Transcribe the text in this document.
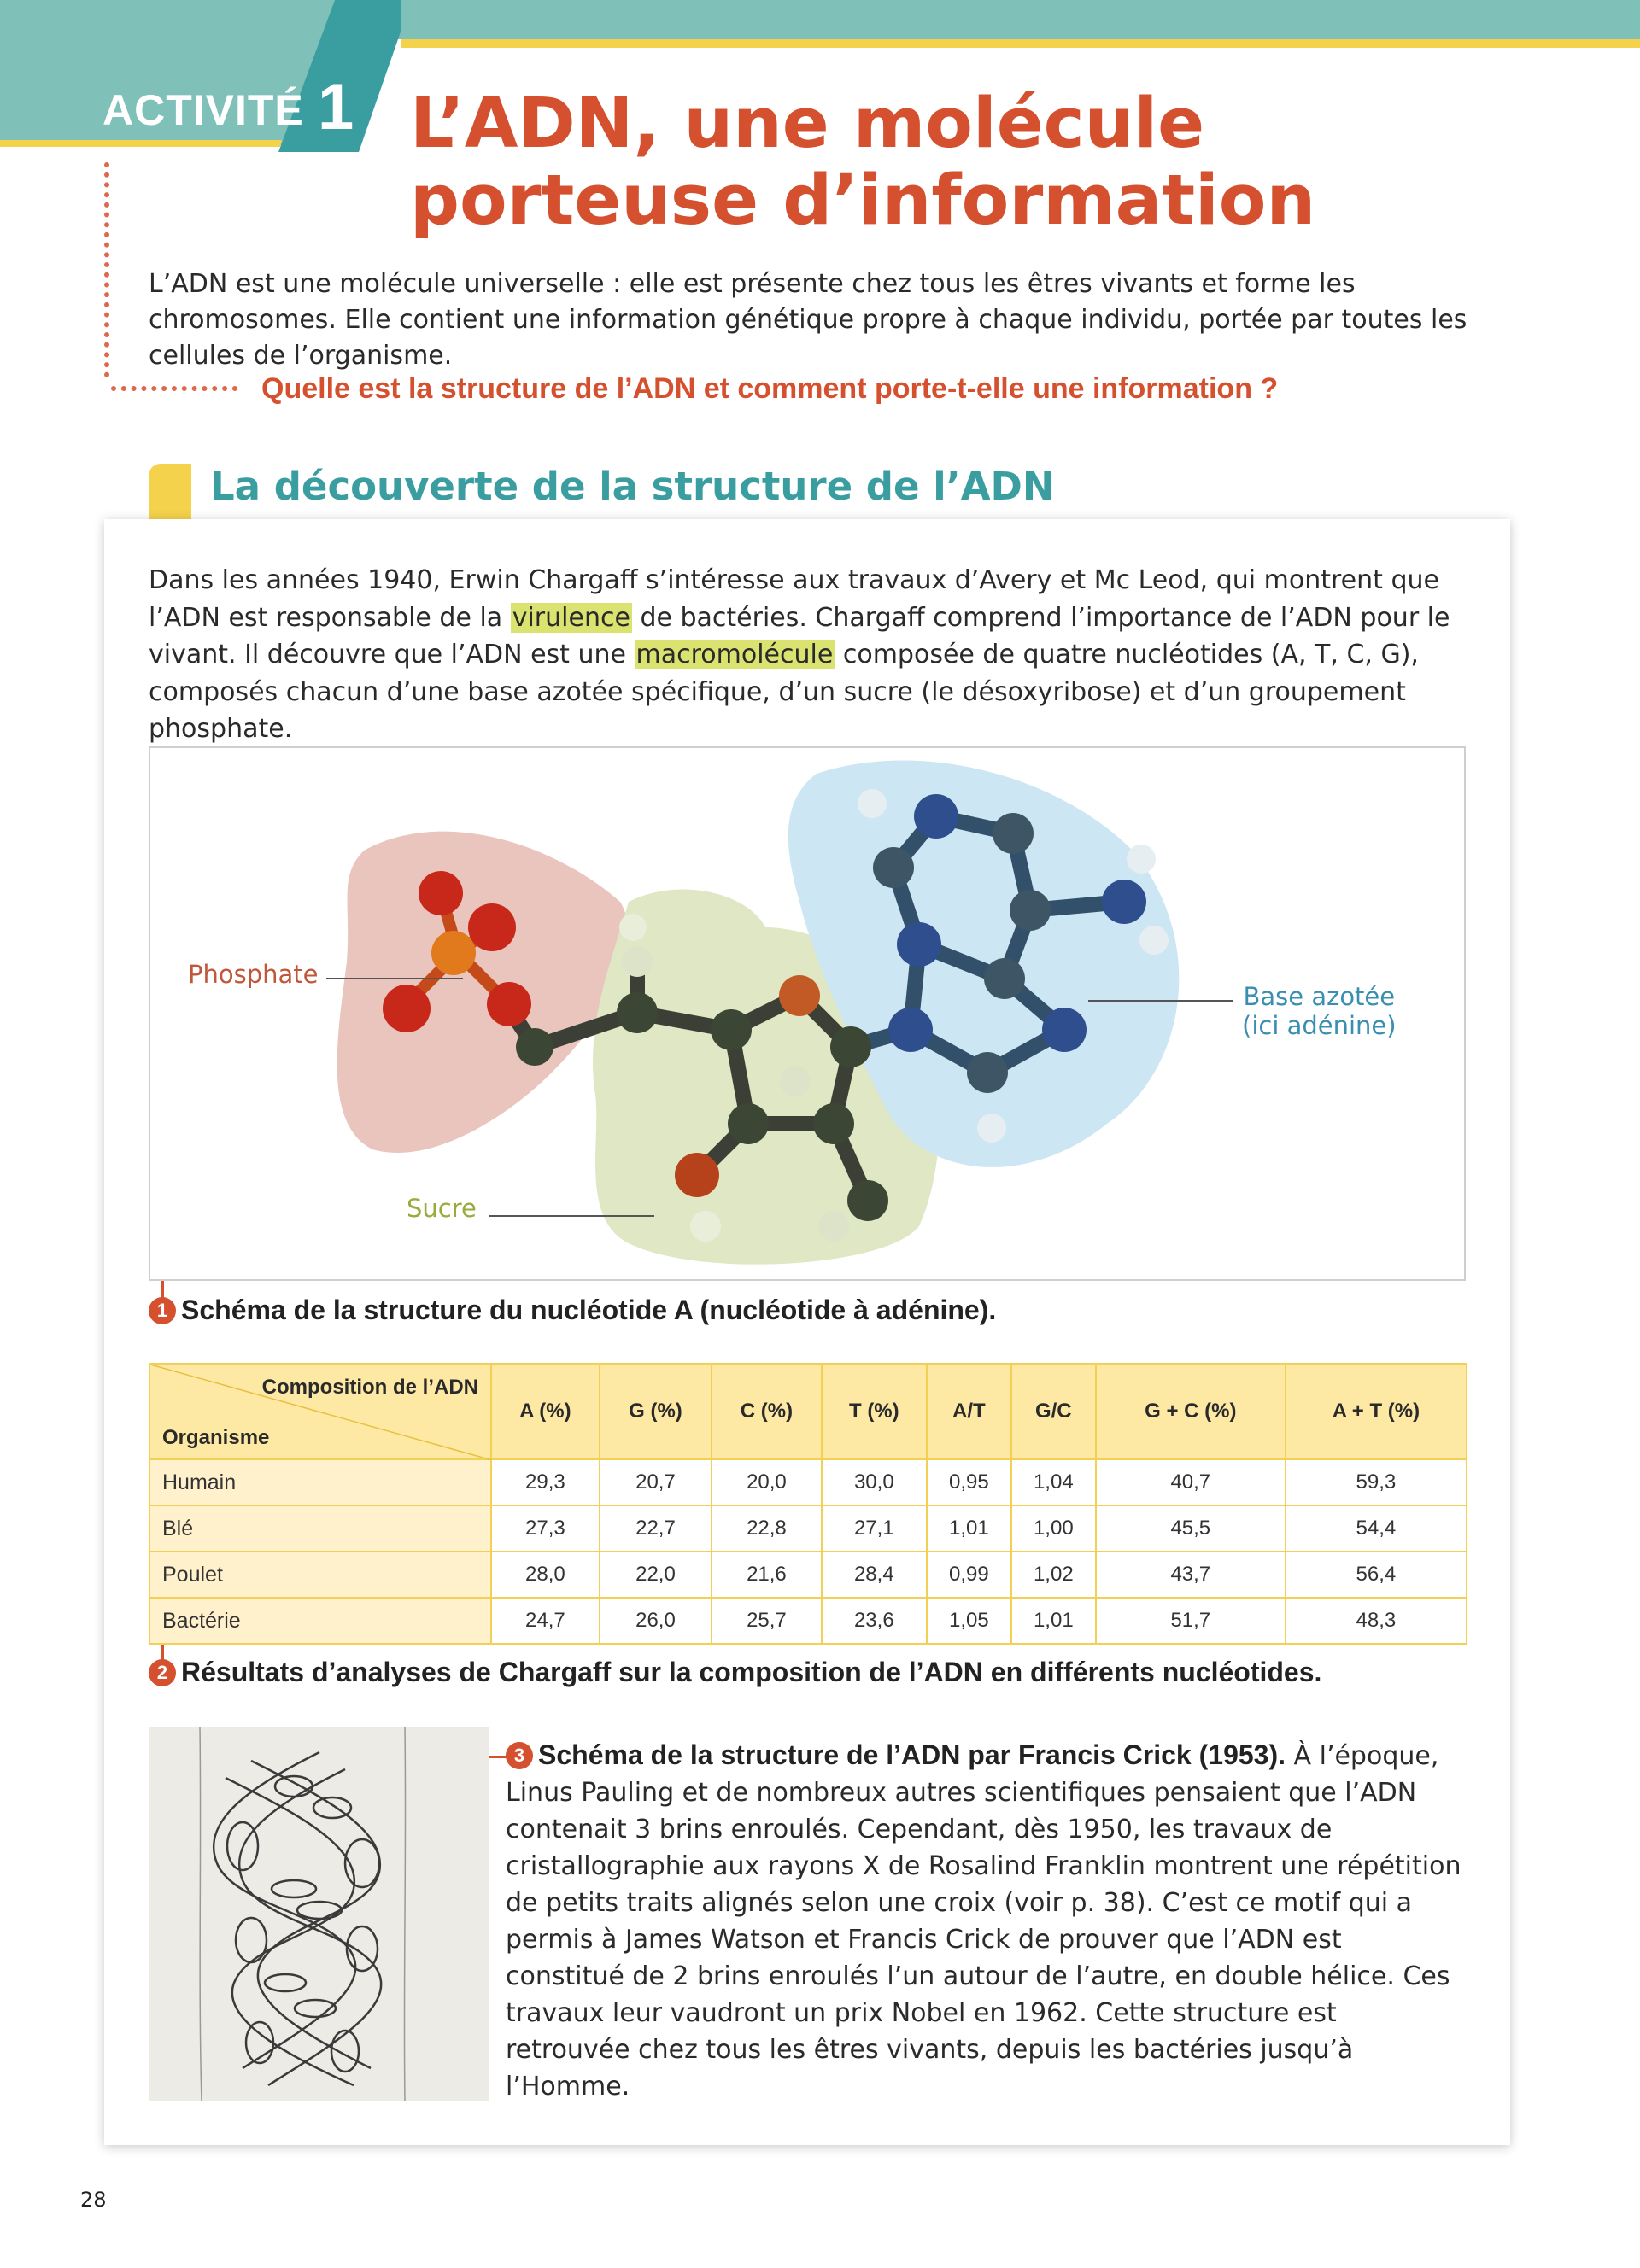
ACTIVITÉ 1 L’ADN, une molécule porteuse d’information
L’ADN est une molécule universelle : elle est présente chez tous les êtres vivants et forme les chromosomes. Elle contient une information génétique propre à chaque individu, portée par toutes les cellules de l’organisme.
Quelle est la structure de l’ADN et comment porte-t-elle une information ?
La découverte de la structure de l’ADN
Dans les années 1940, Erwin Chargaff s’intéresse aux travaux d’Avery et Mc Leod, qui montrent que l’ADN est responsable de la virulence de bactéries. Chargaff comprend l’importance de l’ADN pour le vivant. Il découvre que l’ADN est une macromolécule composée de quatre nucléotides (A, T, C, G), composés chacun d’une base azotée spécifique, d’un sucre (le désoxyribose) et d’un groupement phosphate.
Phosphate
Sucre
Base azotée
(ici adénine)
1 Schéma de la structure du nucléotide A (nucléotide à adénine).
Composition de l’ADN
Organisme	A (%)	G (%)	C (%)	T (%)	A/T	G/C	G + C (%)	A + T (%)
Humain	29,3	20,7	20,0	30,0	0,95	1,04	40,7	59,3
Blé	27,3	22,7	22,8	27,1	1,01	1,00	45,5	54,4
Poulet	28,0	22,0	21,6	28,4	0,99	1,02	43,7	56,4
Bactérie	24,7	26,0	25,7	23,6	1,05	1,01	51,7	48,3
2 Résultats d’analyses de Chargaff sur la composition de l’ADN en différents nucléotides.
3 Schéma de la structure de l’ADN par Francis Crick (1953). À l’époque, Linus Pauling et de nombreux autres scientifiques pensaient que l’ADN contenait 3 brins enroulés. Cependant, dès 1950, les travaux de cristallographie aux rayons X de Rosalind Franklin montrent une répétition de petits traits alignés selon une croix (voir p. 38). C’est ce motif qui a permis à James Watson et Francis Crick de prouver que l’ADN est constitué de 2 brins enroulés l’un autour de l’autre, en double hélice. Ces travaux leur vaudront un prix Nobel en 1962. Cette structure est retrouvée chez tous les êtres vivants, depuis les bactéries jusqu’à l’Homme.
28
